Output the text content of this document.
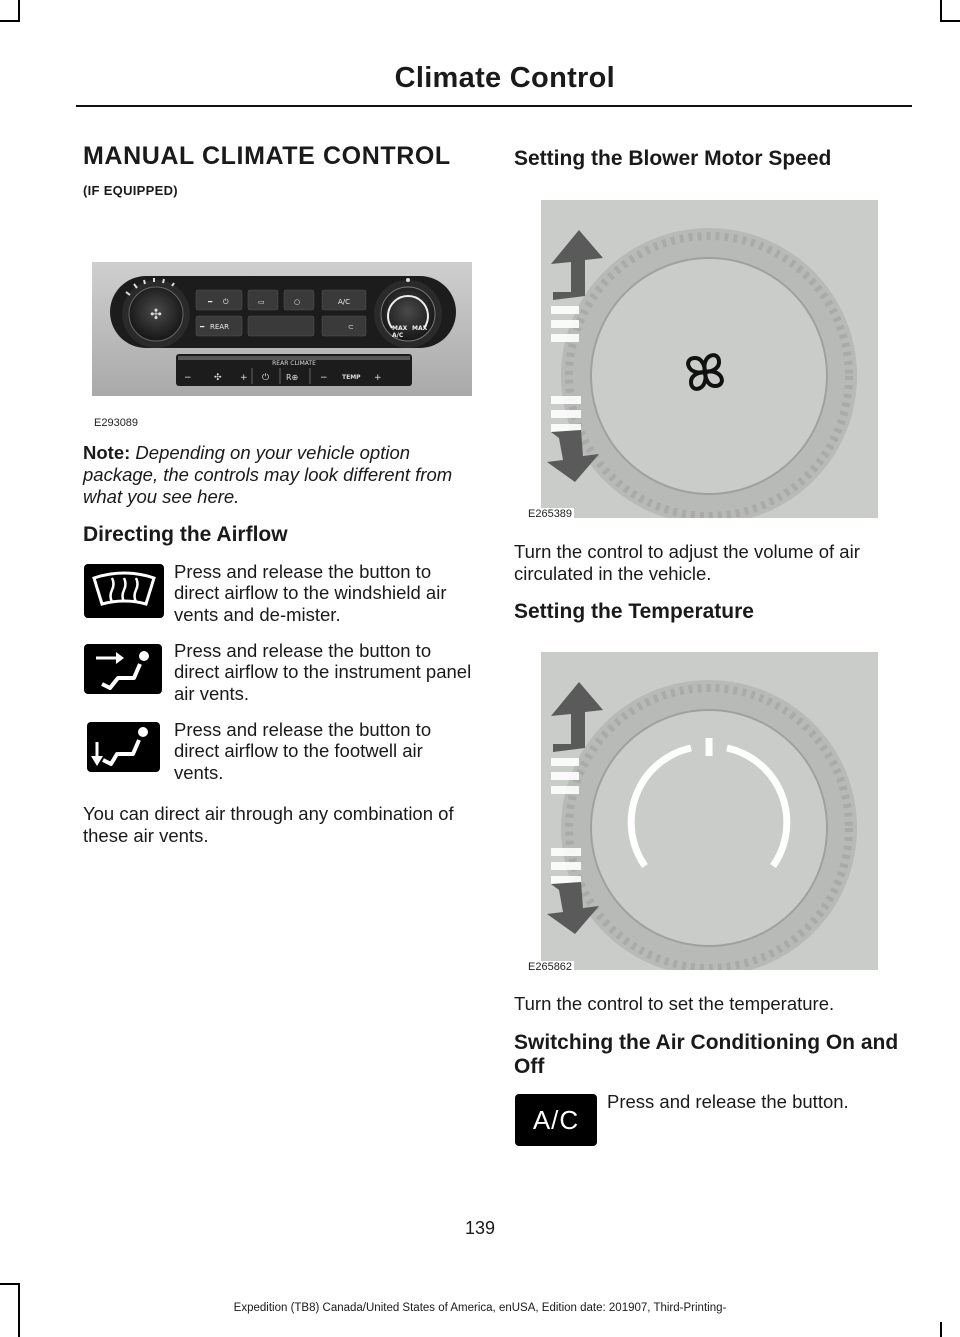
Climate Control
MANUAL CLIMATE CONTROL
(IF EQUIPPED)
✣
━ ⏻
━ REAR
▭	○	A/C
⊂	MAX
A/C
MAX
REAR CLIMATE
− ✣ + ⏻ R⊕ − TEMP +
E293089

Note: Depending on your vehicle option package, the controls may look different from what you see here.

Directing the Airflow
Press and release the button to direct airflow to the windshield air vents and de-mister.
Press and release the button to direct airflow to the instrument panel air vents.
Press and release the button to direct airflow to the footwell air vents.

You can direct air through any combination of these air vents.

Setting the Blower Motor Speed
E265389

Turn the control to adjust the volume of air circulated in the vehicle.

Setting the Temperature
E265862

Turn the control to set the temperature.

Switching the Air Conditioning On and Off
A/C
Press and release the button.
139
Expedition (TB8) Canada/United States of America, enUSA, Edition date: 201907, Third-Printing-
